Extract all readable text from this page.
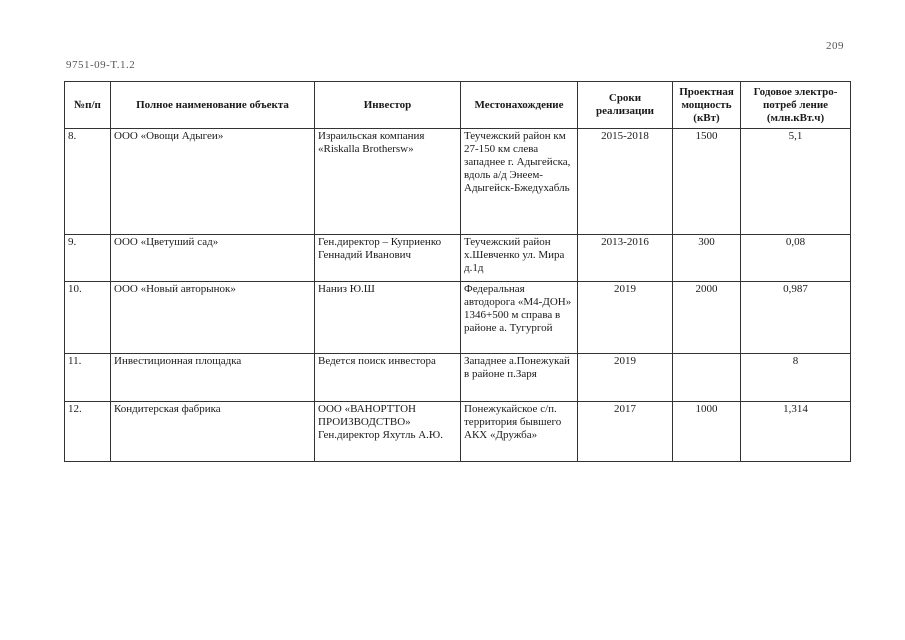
209
9751-09-T.1.2
№п/п	Полное наименование объекта	Инвестор	Местонахождение	Сроки реализации	Проектная мощность (кВт)	Годовое электро-потреб ление (млн.кВт.ч)
8.	ООО «Овощи Адыгеи»	Израильская компания «Riskalla Brothersw»	Теучежский район км 27-150 км слева западнее г. Адыгейска, вдоль а/д Энеем-Адыгейск-Бжедухабль	2015-2018	1500	5,1
9.	ООО «Цветуший сад»	Ген.директор – Куприенко Геннадий Иванович	Теучежский район х.Шевченко ул. Мира д.1д	2013-2016	300	0,08
10.	ООО «Новый авторынок»	Наниз Ю.Ш	Федеральная автодорога «М4-ДОН» 1346+500 м справа в районе а. Тугургой	2019	2000	0,987
11.	Инвестиционная площадка	Ведется поиск инвестора	Западнее а.Понежукай в районе п.Заря	2019		8
12.	Кондитерская фабрика	ООО «ВАНОРТТОН ПРОИЗВОДСТВО» Ген.директор Яхутль А.Ю.	Понежукайское с/п. территория бывшего АКХ «Дружба»	2017	1000	1,314
